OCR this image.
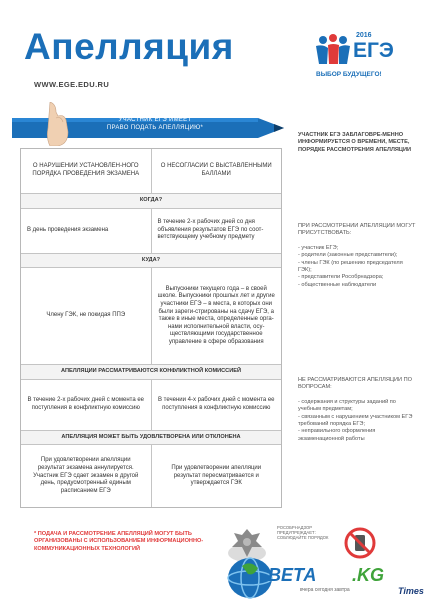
Апелляция
WWW.EGE.EDU.RU
2016
ЕГЭ
ВЫБОР БУДУЩЕГО!
УЧАСТНИК ЕГЭ ИМЕЕТ
ПРАВО ПОДАТЬ АПЕЛЛЯЦИЮ*
О НАРУШЕНИИ УСТАНОВЛЕН-НОГО ПОРЯДКА ПРОВЕДЕНИЯ ЭКЗАМЕНА
О НЕСОГЛАСИИ С ВЫСТАВЛЕННЫМИ БАЛЛАМИ
КОГДА?
В день проведения экзамена
В течение 2-х рабочих дней со дня объявления результатов ЕГЭ по соот-ветствующему учебному предмету
КУДА?
Члену ГЭК, не покидая ППЭ
Выпускники текущего года – в своей школе. Выпускники прошлых лет и другие участники ЕГЭ – в места, в которых они были зареги-стрированы на сдачу ЕГЭ, а также в иные места, определенные орга-нами исполнительной власти, осу-ществляющими государственное управление в сфере образования
АПЕЛЛЯЦИИ РАССМАТРИВАЮТСЯ КОНФЛИКТНОЙ КОМИССИЕЙ
В течение 2-х рабочих дней с момента ее поступления в конфликтную комиссию
В течении 4-х рабочих дней с момента ее поступления в конфликтную комиссию
АПЕЛЛЯЦИЯ МОЖЕТ БЫТЬ УДОВЛЕТВОРЕНА ИЛИ ОТКЛОНЕНА
При удовлетворении апелляции результат экзамена аннулируется. Участник ЕГЭ сдает экзамен в другой день, предусмотренный единым расписанием ЕГЭ
При удовлетворении апелляции результат пересматривается и утверждается ГЭК
УЧАСТНИК ЕГЭ ЗАБЛАГОВРЕ-МЕННО ИНФОРМИРУЕТСЯ О ВРЕМЕНИ, МЕСТЕ, ПОРЯДКЕ РАССМОТРЕНИЯ АПЕЛЛЯЦИИ
ПРИ РАССМОТРЕНИИ АПЕЛЛЯЦИИ МОГУТ ПРИСУТСТВОВАТЬ:
- участник ЕГЭ;
- родители (законные представители);
- члены ГЭК (по решению председателя ГЭК);
- представители Рособрнадзора;
- общественные наблюдатели
НЕ РАССМАТРИВАЮТСЯ АПЕЛЛЯЦИИ ПО ВОПРОСАМ:
- содержания и структуры заданий по учебным предметам;
- связанным с нарушением участником ЕГЭ требований порядка ЕГЭ;
- неправильного оформления экзаменационной работы
* ПОДАЧА И РАССМОТРЕНИЕ АПЕЛЛЯЦИЙ МОГУТ БЫТЬ ОРГАНИЗОВАНЫ С ИСПОЛЬЗОВАНИЕМ ИНФОРМАЦИОННО-КОММУНИКАЦИОННЫХ ТЕХНОЛОГИЙ
РОСОБРНАДЗОР ПРЕДУПРЕЖДАЕТ: СОБЛЮДАЙТЕ ПОРЯДОК
ВЕТА .KG
вчера сегодня завтра	Times
